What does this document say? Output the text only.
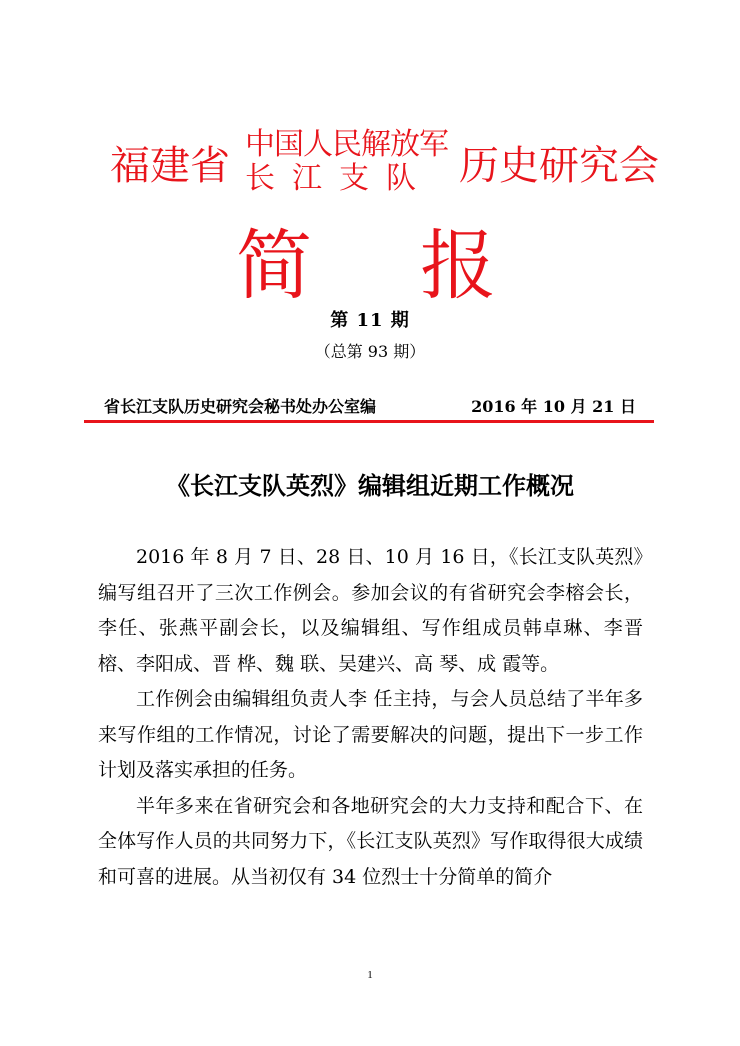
福建省 中国人民解放军
长江支队 历史研究会
简报
第 11 期
（总第 93 期）
省长江支队历史研究会秘书处办公室编	2016 年 10 月 21 日
《长江支队英烈》编辑组近期工作概况

2016 年 8 月 7 日、28 日、10 月 16 日，《长江支队英烈》编写组召开了三次工作例会。参加会议的有省研究会李榕会长，李任、张燕平副会长，以及编辑组、写作组成员韩卓琳、李晋榕、李阳成、晋 桦、魏 联、吴建兴、高 琴、成 霞等。

工作例会由编辑组负责人李 任主持，与会人员总结了半年多来写作组的工作情况，讨论了需要解决的问题，提出下一步工作计划及落实承担的任务。

半年多来在省研究会和各地研究会的大力支持和配合下、在全体写作人员的共同努力下，《长江支队英烈》写作取得很大成绩和可喜的进展。从当初仅有 34 位烈士十分简单的简介

1
